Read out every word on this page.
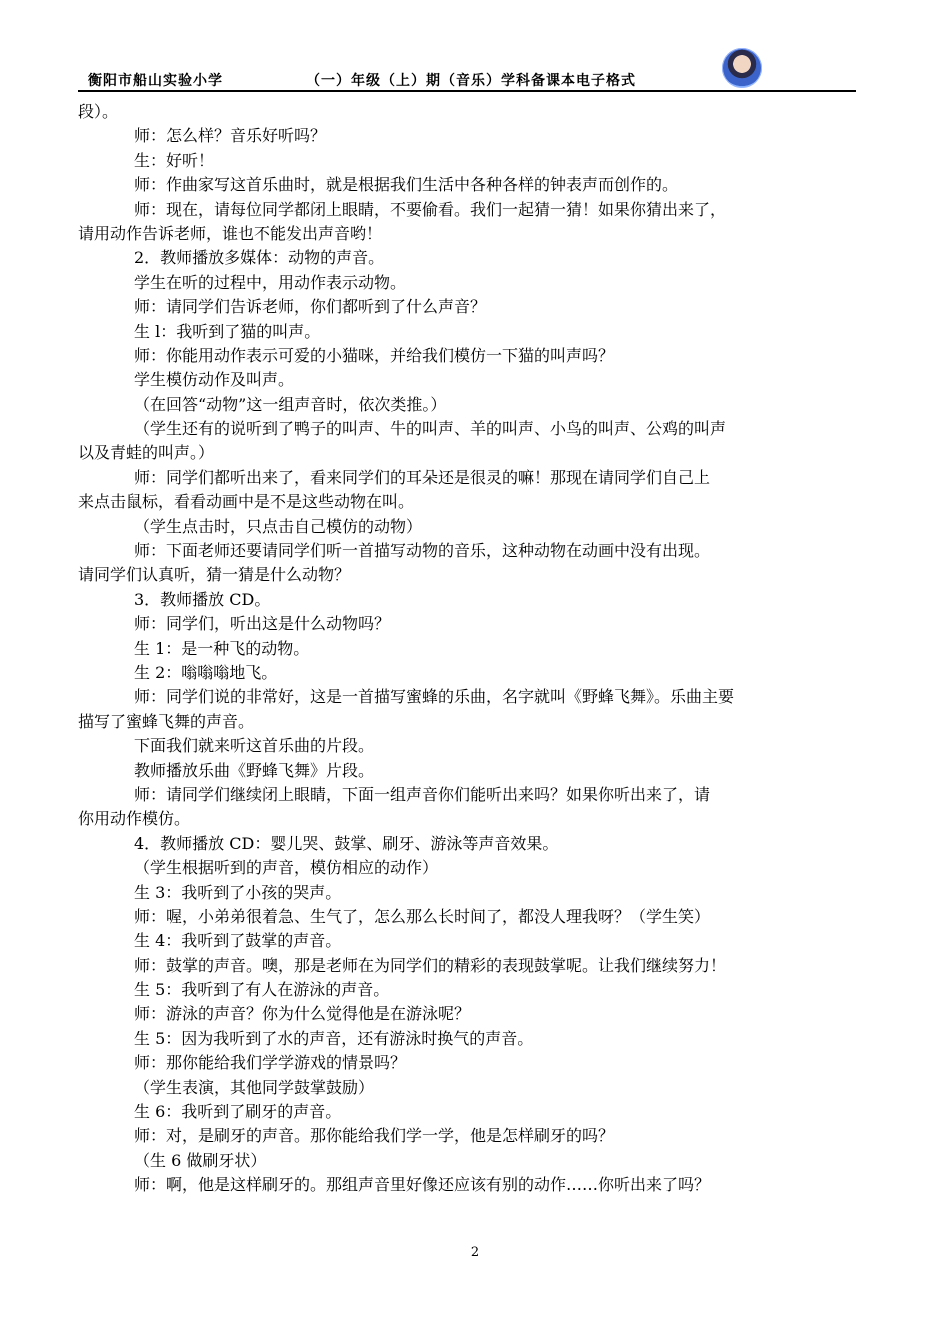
衡阳市船山实验小学	（一）年级（上）期（音乐）学科备课本电子格式
段）。
师：怎么样？音乐好听吗？
生：好听！
师：作曲家写这首乐曲时，就是根据我们生活中各种各样的钟表声而创作的。
师：现在，请每位同学都闭上眼睛，不要偷看。我们一起猜一猜！如果你猜出来了，
请用动作告诉老师，谁也不能发出声音哟！
2．教师播放多媒体：动物的声音。
学生在听的过程中，用动作表示动物。
师：请同学们告诉老师，你们都听到了什么声音？
生 l：我听到了猫的叫声。
师：你能用动作表示可爱的小猫咪，并给我们模仿一下猫的叫声吗？
学生模仿动作及叫声。
（在回答“动物”这一组声音时，依次类推。）
（学生还有的说听到了鸭子的叫声、牛的叫声、羊的叫声、小鸟的叫声、公鸡的叫声
以及青蛙的叫声。）
师：同学们都听出来了，看来同学们的耳朵还是很灵的嘛！那现在请同学们自己上
来点击鼠标，看看动画中是不是这些动物在叫。
（学生点击时，只点击自己模仿的动物）
师：下面老师还要请同学们听一首描写动物的音乐，这种动物在动画中没有出现。
请同学们认真听，猜一猜是什么动物？
3．教师播放 CD。
师：同学们，听出这是什么动物吗？
生 1：是一种飞的动物。
生 2：嗡嗡嗡地飞。
师：同学们说的非常好，这是一首描写蜜蜂的乐曲，名字就叫《野蜂飞舞》。乐曲主要
描写了蜜蜂飞舞的声音。
下面我们就来听这首乐曲的片段。
教师播放乐曲《野蜂飞舞》片段。
师：请同学们继续闭上眼睛，下面一组声音你们能听出来吗？如果你听出来了，请
你用动作模仿。
4．教师播放 CD：婴儿哭、鼓掌、刷牙、游泳等声音效果。
（学生根据听到的声音，模仿相应的动作）
生 3：我听到了小孩的哭声。
师：喔，小弟弟很着急、生气了，怎么那么长时间了，都没人理我呀？（学生笑）
生 4：我听到了鼓掌的声音。
师：鼓掌的声音。噢，那是老师在为同学们的精彩的表现鼓掌呢。让我们继续努力！
生 5：我听到了有人在游泳的声音。
师：游泳的声音？你为什么觉得他是在游泳呢？
生 5：因为我听到了水的声音，还有游泳时换气的声音。
师：那你能给我们学学游戏的情景吗？
（学生表演，其他同学鼓掌鼓励）
生 6：我听到了刷牙的声音。
师：对，是刷牙的声音。那你能给我们学一学，他是怎样刷牙的吗？
（生 6 做刷牙状）
师：啊，他是这样刷牙的。那组声音里好像还应该有别的动作……你听出来了吗？
2
